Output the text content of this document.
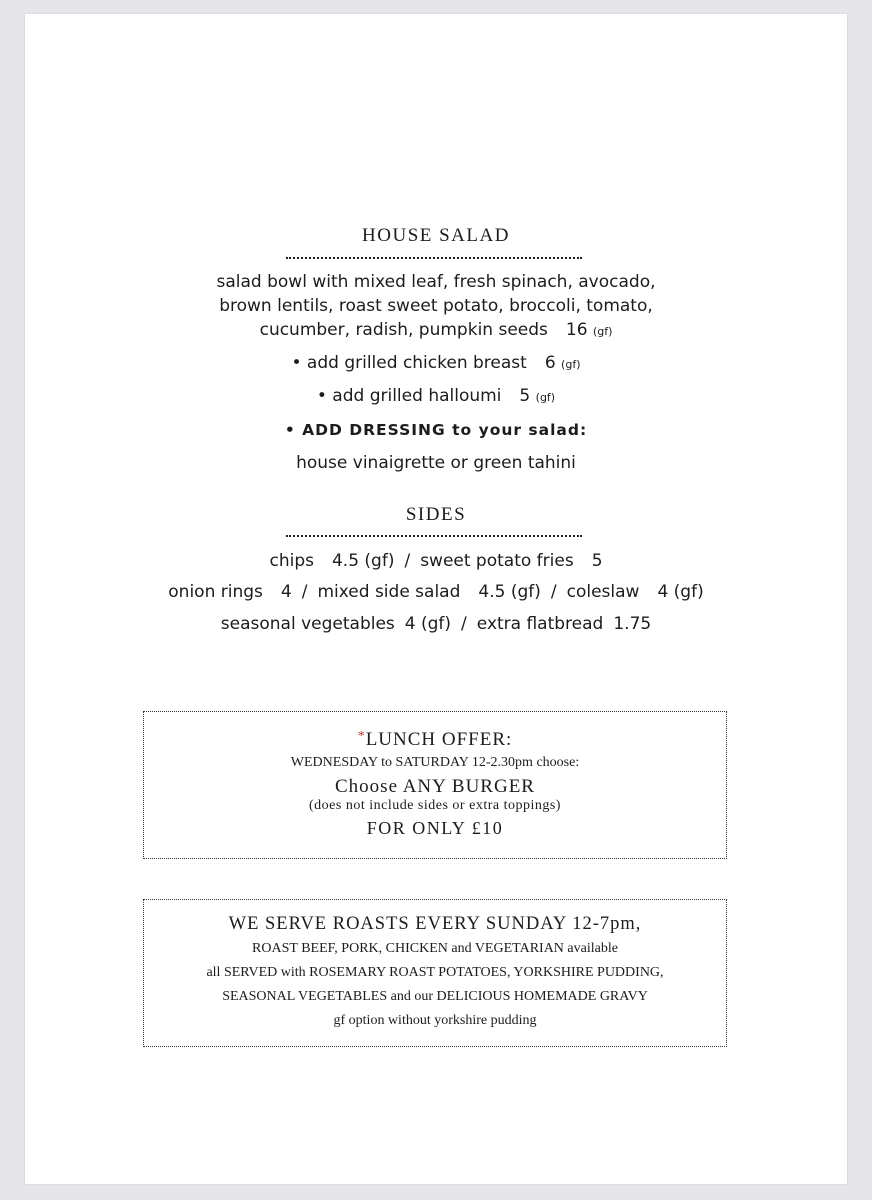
HOUSE SALAD
salad bowl with mixed leaf, fresh spinach, avocado,
brown lentils, roast sweet potato, broccoli, tomato,
cucumber, radish, pumpkin seeds 16 (gf)
• add grilled chicken breast 6 (gf)
• add grilled halloumi 5 (gf)
• ADD DRESSING to your salad:
house vinaigrette or green tahini
SIDES
chips 4.5 (gf) / sweet potato fries 5
onion rings 4 / mixed side salad 4.5 (gf) / coleslaw 4 (gf)
seasonal vegetables 4 (gf) / extra flatbread 1.75
*LUNCH OFFER:
WEDNESDAY to SATURDAY 12-2.30pm choose:
Choose ANY BURGER
(does not include sides or extra toppings)
FOR ONLY £10
WE SERVE ROASTS EVERY SUNDAY 12-7pm,
ROAST BEEF, PORK, CHICKEN and VEGETARIAN available
all SERVED with ROSEMARY ROAST POTATOES, YORKSHIRE PUDDING,
SEASONAL VEGETABLES and our DELICIOUS HOMEMADE GRAVY
gf option without yorkshire pudding
